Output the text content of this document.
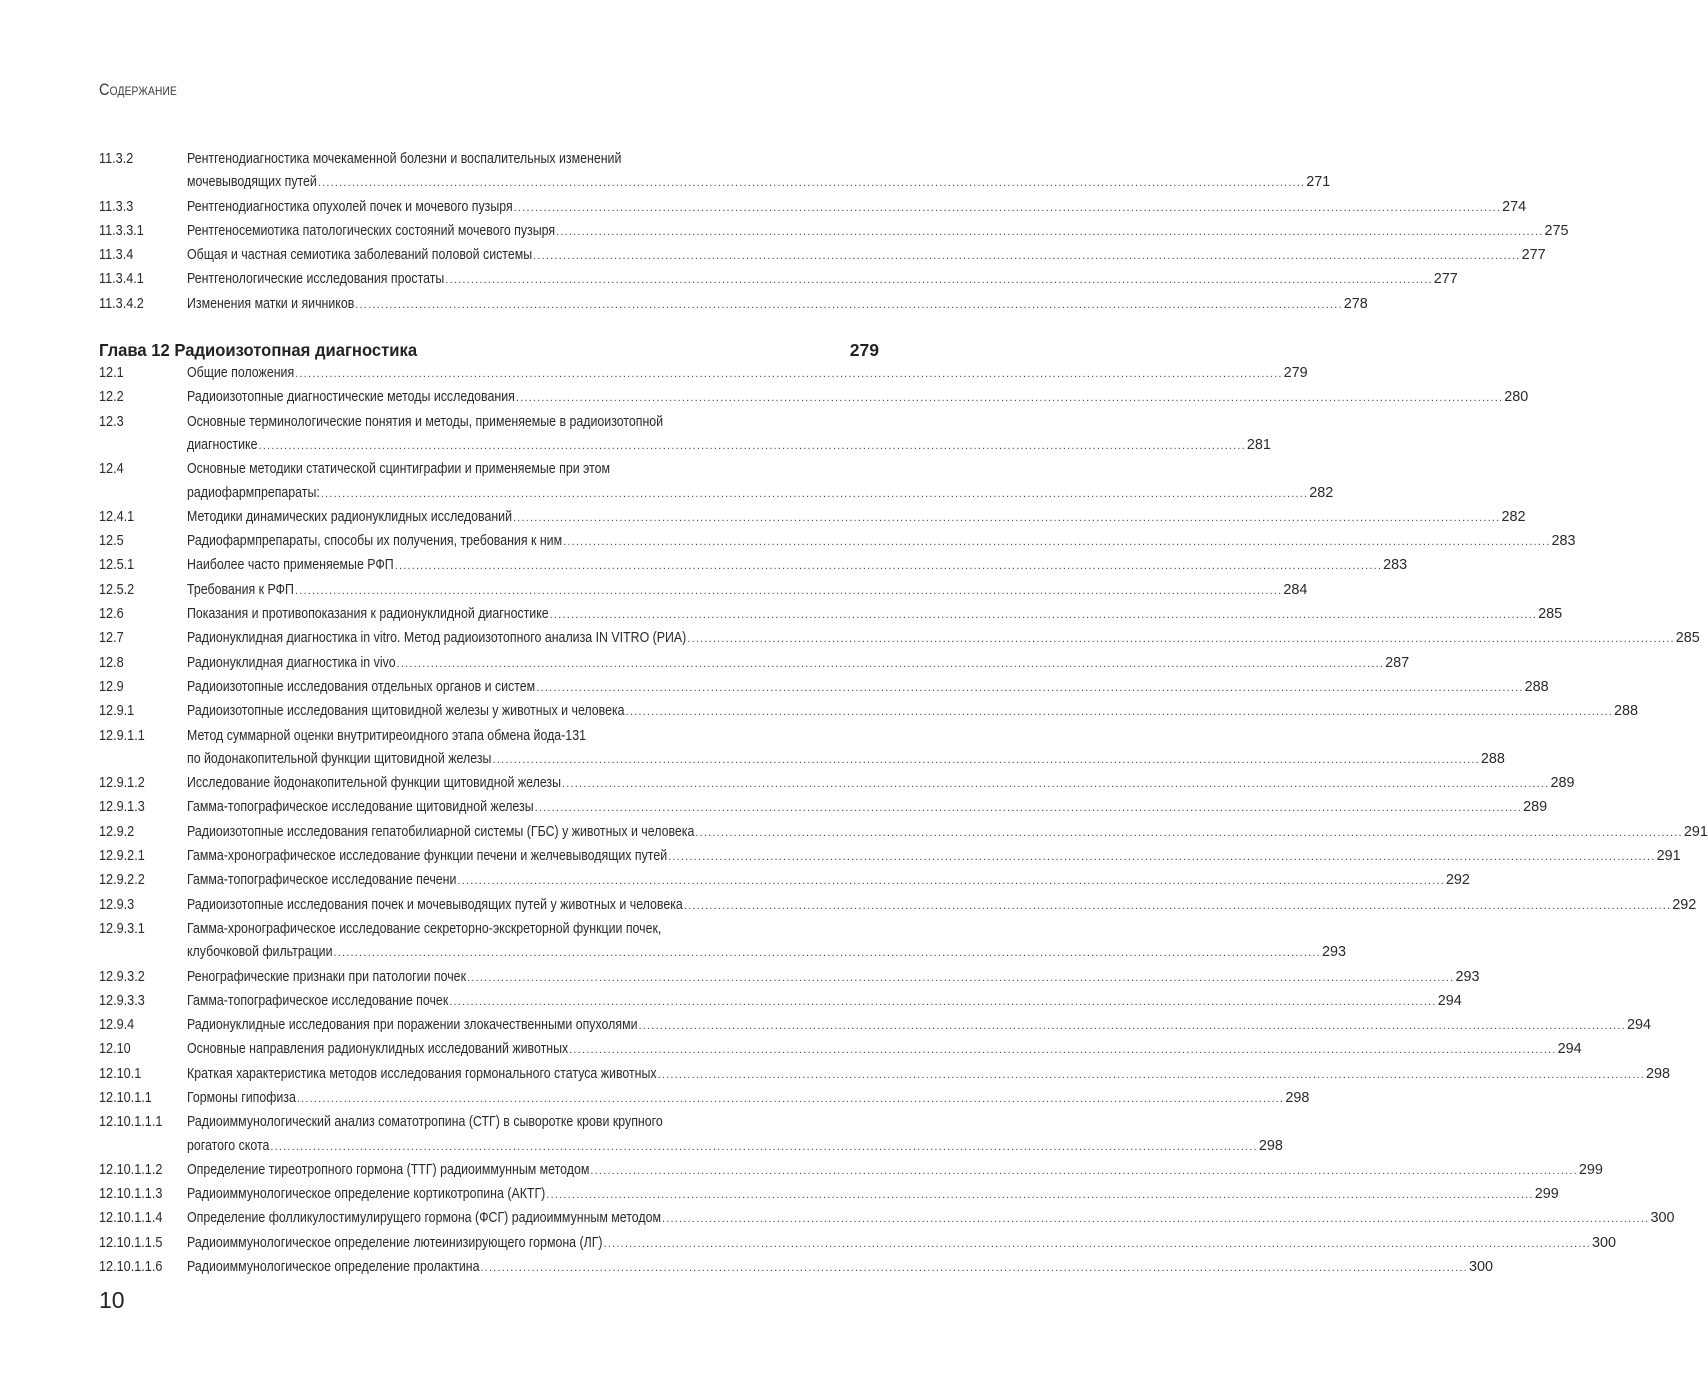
Содержание
11.3.2	Рентгенодиагностика мочекаменной болезни и воспалительных изменений
мочевыводящих путей .....	271
11.3.3	Рентгенодиагностика опухолей почек и мочевого пузыря .....	274
11.3.3.1	Рентгеносемиотика патологических состояний мочевого пузыря .....	275
11.3.4	Общая и частная семиотика заболеваний половой системы .....	277
11.3.4.1	Рентгенологические исследования простаты .....	277
11.3.4.2	Изменения матки и яичников .....	278
Глава 12 Радиоизотопная диагностика	279
12.1	Общие положения .....	279
12.2	Радиоизотопные диагностические методы исследования .....	280
12.3	Основные терминологические понятия и методы, применяемые в радиоизотопной
диагностике .....	281
12.4	Основные методики статической сцинтиграфии и применяемые при этом
радиофармпрепараты: .....	282
12.4.1	Методики динамических радионуклидных исследований .....	282
12.5	Радиофармпрепараты, способы их получения, требования к ним .....	283
12.5.1	Наиболее часто применяемые РФП .....	283
12.5.2	Требования к РФП .....	284
12.6	Показания и противопоказания к радионуклидной диагностике .....	285
12.7	Радионуклидная диагностика in vitro. Метод радиоизотопного анализа IN VITRO (РИА) .....	285
12.8	Радионуклидная диагностика in vivo .....	287
12.9	Радиоизотопные исследования отдельных органов и систем .....	288
12.9.1	Радиоизотопные исследования щитовидной железы у животных и человека .....	288
12.9.1.1	Метод суммарной оценки внутритиреоидного этапа обмена йода-131
по йодонакопительной функции щитовидной железы .....	288
12.9.1.2	Исследование йодонакопительной функции щитовидной железы .....	289
12.9.1.3	Гамма-топографическое исследование щитовидной железы .....	289
12.9.2	Радиоизотопные исследования гепатобилиарной системы (ГБС) у животных и человека .....	291
12.9.2.1	Гамма-хронографическое исследование функции печени и желчевыводящих путей .....	291
12.9.2.2	Гамма-топографическое исследование печени .....	292
12.9.3	Радиоизотопные исследования почек и мочевыводящих путей у животных и человека .....	292
12.9.3.1	Гамма-хронографическое исследование секреторно-экскреторной функции почек,
клубочковой фильтрации .....	293
12.9.3.2	Ренографические признаки при патологии почек .....	293
12.9.3.3	Гамма-топографическое исследование почек .....	294
12.9.4	Радионуклидные исследования при поражении злокачественными опухолями .....	294
12.10	Основные направления радионуклидных исследований животных .....	294
12.10.1	Краткая характеристика методов исследования гормонального статуса животных .....	298
12.10.1.1	Гормоны гипофиза .....	298
12.10.1.1.1	Радиоиммунологический анализ соматотропина (СТГ) в сыворотке крови крупного
рогатого скота .....	298
12.10.1.1.2	Определение тиреотропного гормона (ТТГ) радиоиммунным методом .....	299
12.10.1.1.3	Радиоиммунологическое определение кортикотропина (АКТГ) .....	299
12.10.1.1.4	Определение фолликулостимулирущего гормона (ФСГ) радиоиммунным методом .....	300
12.10.1.1.5	Радиоиммунологическое определение лютеинизирующего гормона (ЛГ) .....	300
12.10.1.1.6	Радиоиммунологическое определение пролактина .....	300
10
